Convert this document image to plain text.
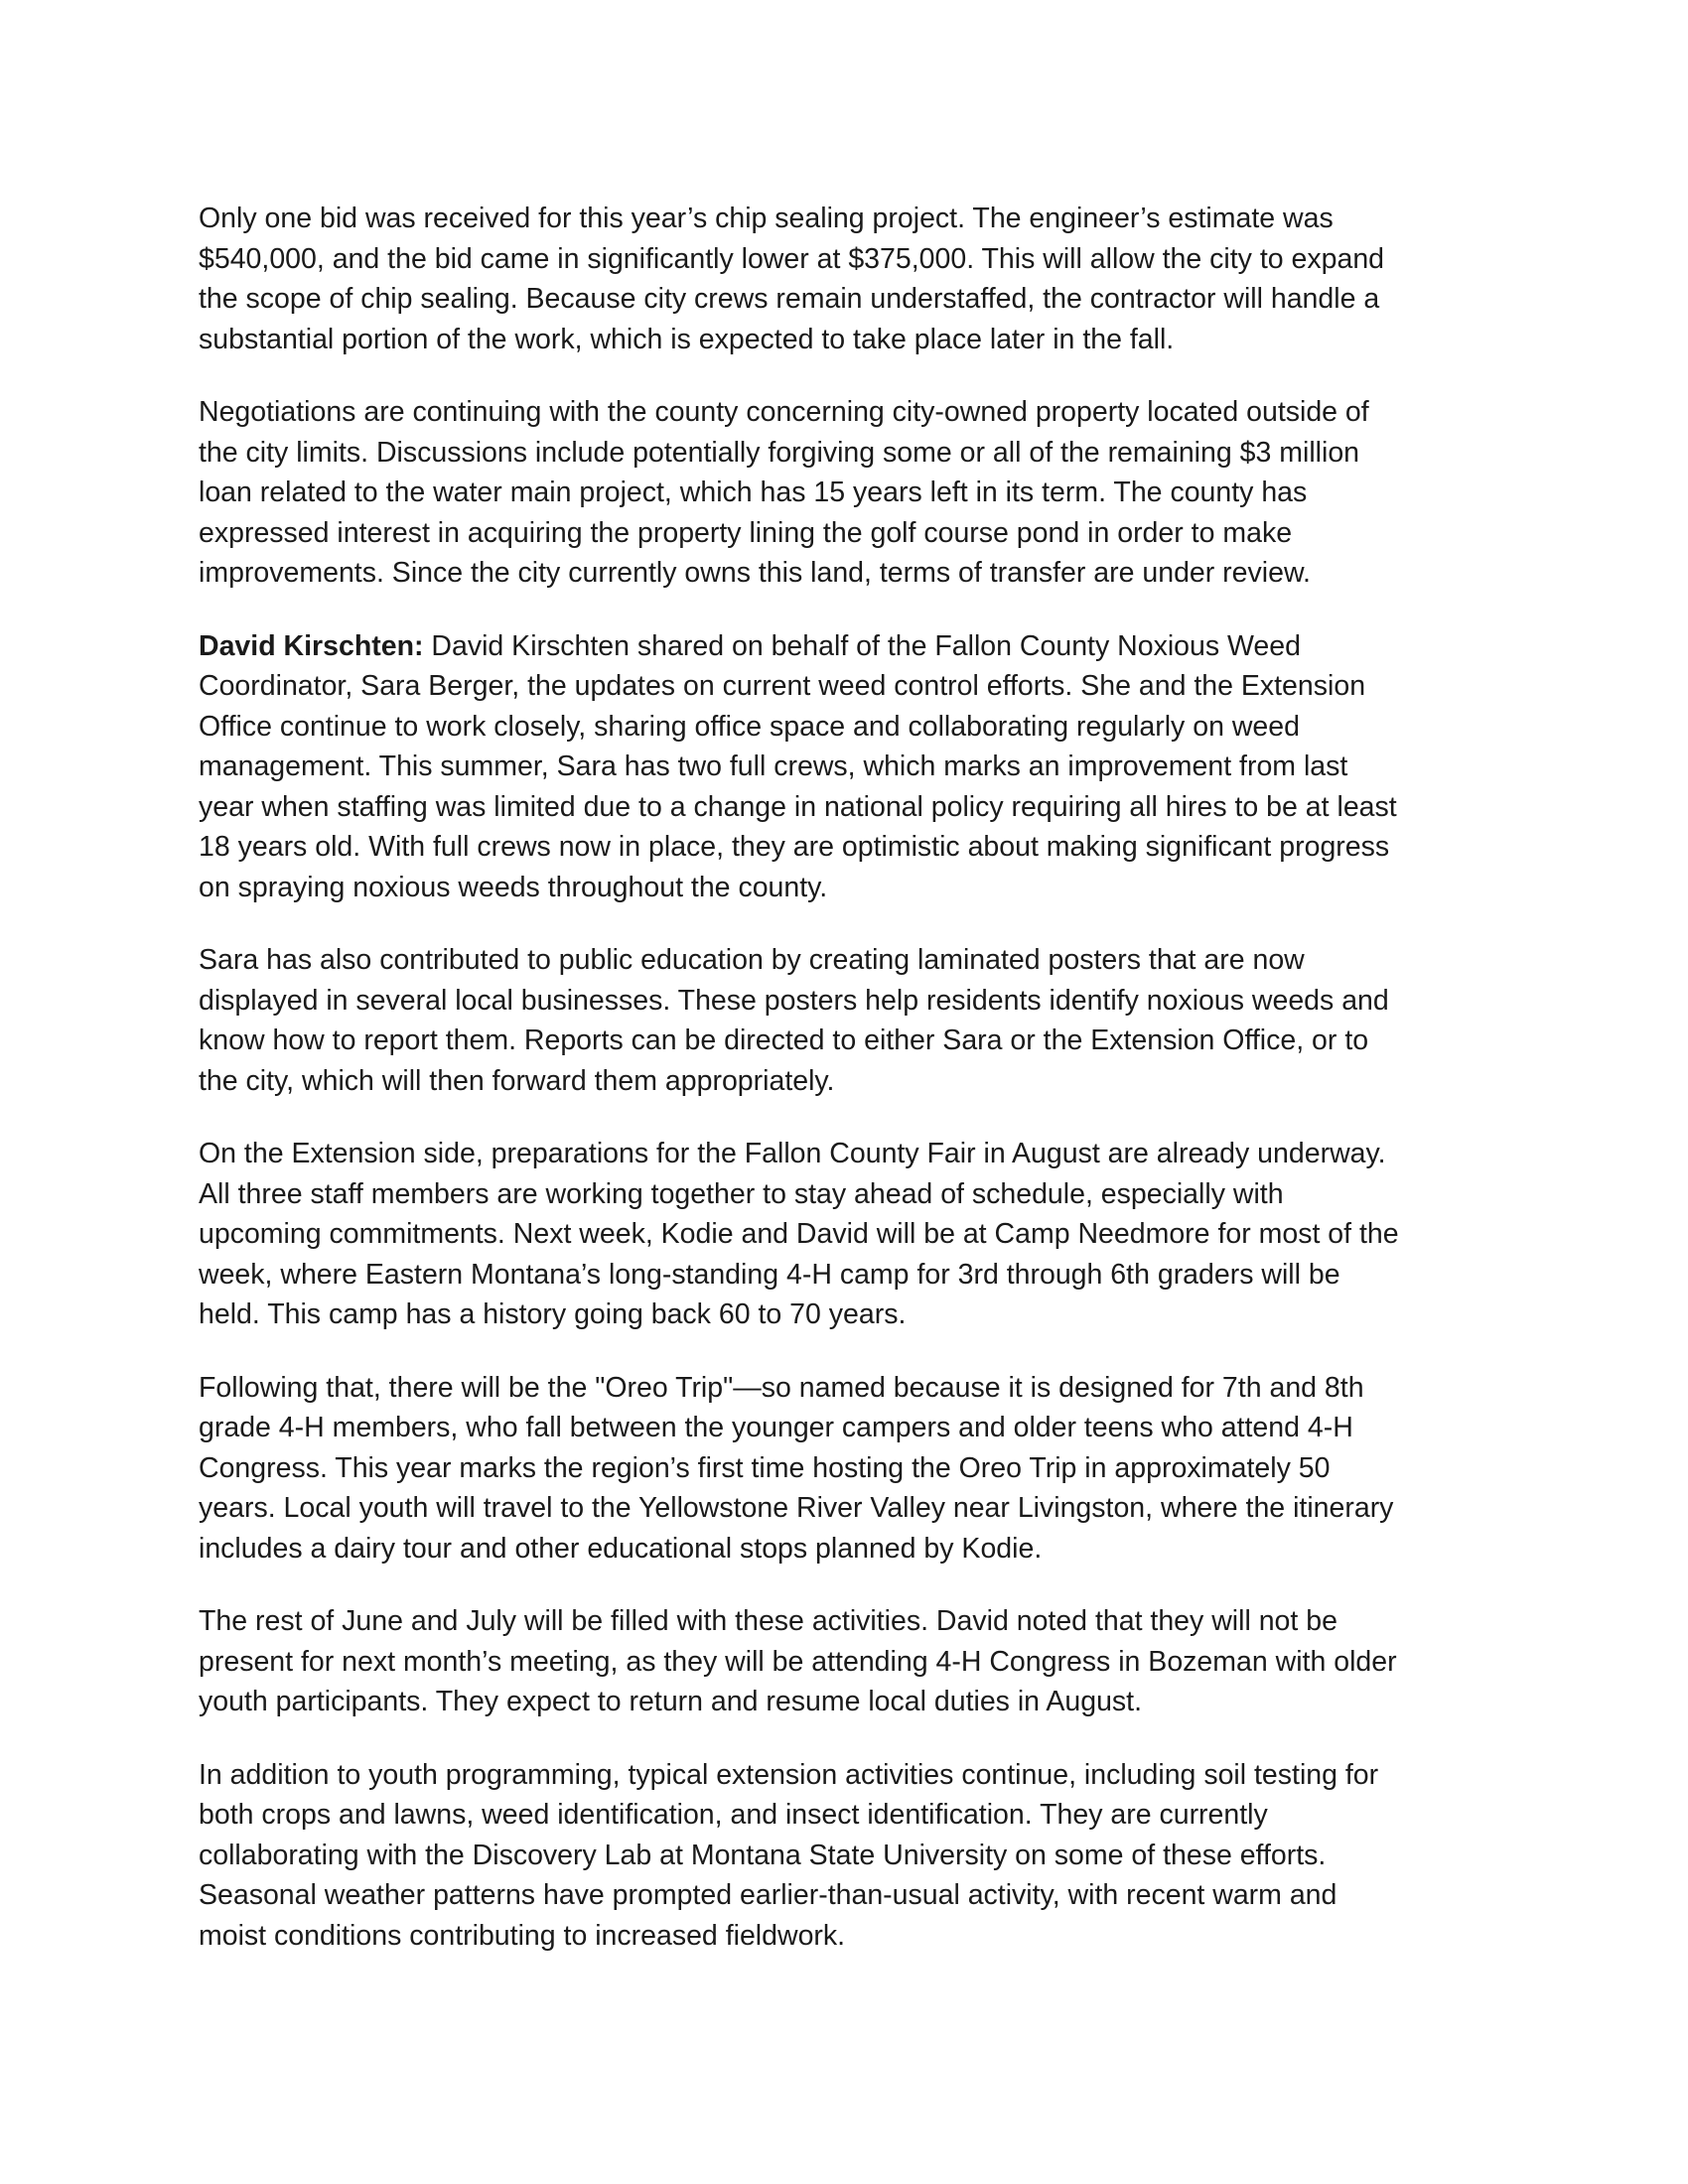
Only one bid was received for this year’s chip sealing project. The engineer’s estimate was
$540,000, and the bid came in significantly lower at $375,000. This will allow the city to expand
the scope of chip sealing. Because city crews remain understaffed, the contractor will handle a
substantial portion of the work, which is expected to take place later in the fall.

Negotiations are continuing with the county concerning city-owned property located outside of
the city limits. Discussions include potentially forgiving some or all of the remaining $3 million
loan related to the water main project, which has 15 years left in its term. The county has
expressed interest in acquiring the property lining the golf course pond in order to make
improvements. Since the city currently owns this land, terms of transfer are under review.

David Kirschten: David Kirschten shared on behalf of the Fallon County Noxious Weed
Coordinator, Sara Berger, the updates on current weed control efforts. She and the Extension
Office continue to work closely, sharing office space and collaborating regularly on weed
management. This summer, Sara has two full crews, which marks an improvement from last
year when staffing was limited due to a change in national policy requiring all hires to be at least
18 years old. With full crews now in place, they are optimistic about making significant progress
on spraying noxious weeds throughout the county.

Sara has also contributed to public education by creating laminated posters that are now
displayed in several local businesses. These posters help residents identify noxious weeds and
know how to report them. Reports can be directed to either Sara or the Extension Office, or to
the city, which will then forward them appropriately.

On the Extension side, preparations for the Fallon County Fair in August are already underway.
All three staff members are working together to stay ahead of schedule, especially with
upcoming commitments. Next week, Kodie and David will be at Camp Needmore for most of the
week, where Eastern Montana’s long-standing 4-H camp for 3rd through 6th graders will be
held. This camp has a history going back 60 to 70 years.

Following that, there will be the "Oreo Trip"—so named because it is designed for 7th and 8th
grade 4-H members, who fall between the younger campers and older teens who attend 4-H
Congress. This year marks the region’s first time hosting the Oreo Trip in approximately 50
years. Local youth will travel to the Yellowstone River Valley near Livingston, where the itinerary
includes a dairy tour and other educational stops planned by Kodie.

The rest of June and July will be filled with these activities. David noted that they will not be
present for next month’s meeting, as they will be attending 4-H Congress in Bozeman with older
youth participants. They expect to return and resume local duties in August.

In addition to youth programming, typical extension activities continue, including soil testing for
both crops and lawns, weed identification, and insect identification. They are currently
collaborating with the Discovery Lab at Montana State University on some of these efforts.
Seasonal weather patterns have prompted earlier-than-usual activity, with recent warm and
moist conditions contributing to increased fieldwork.
